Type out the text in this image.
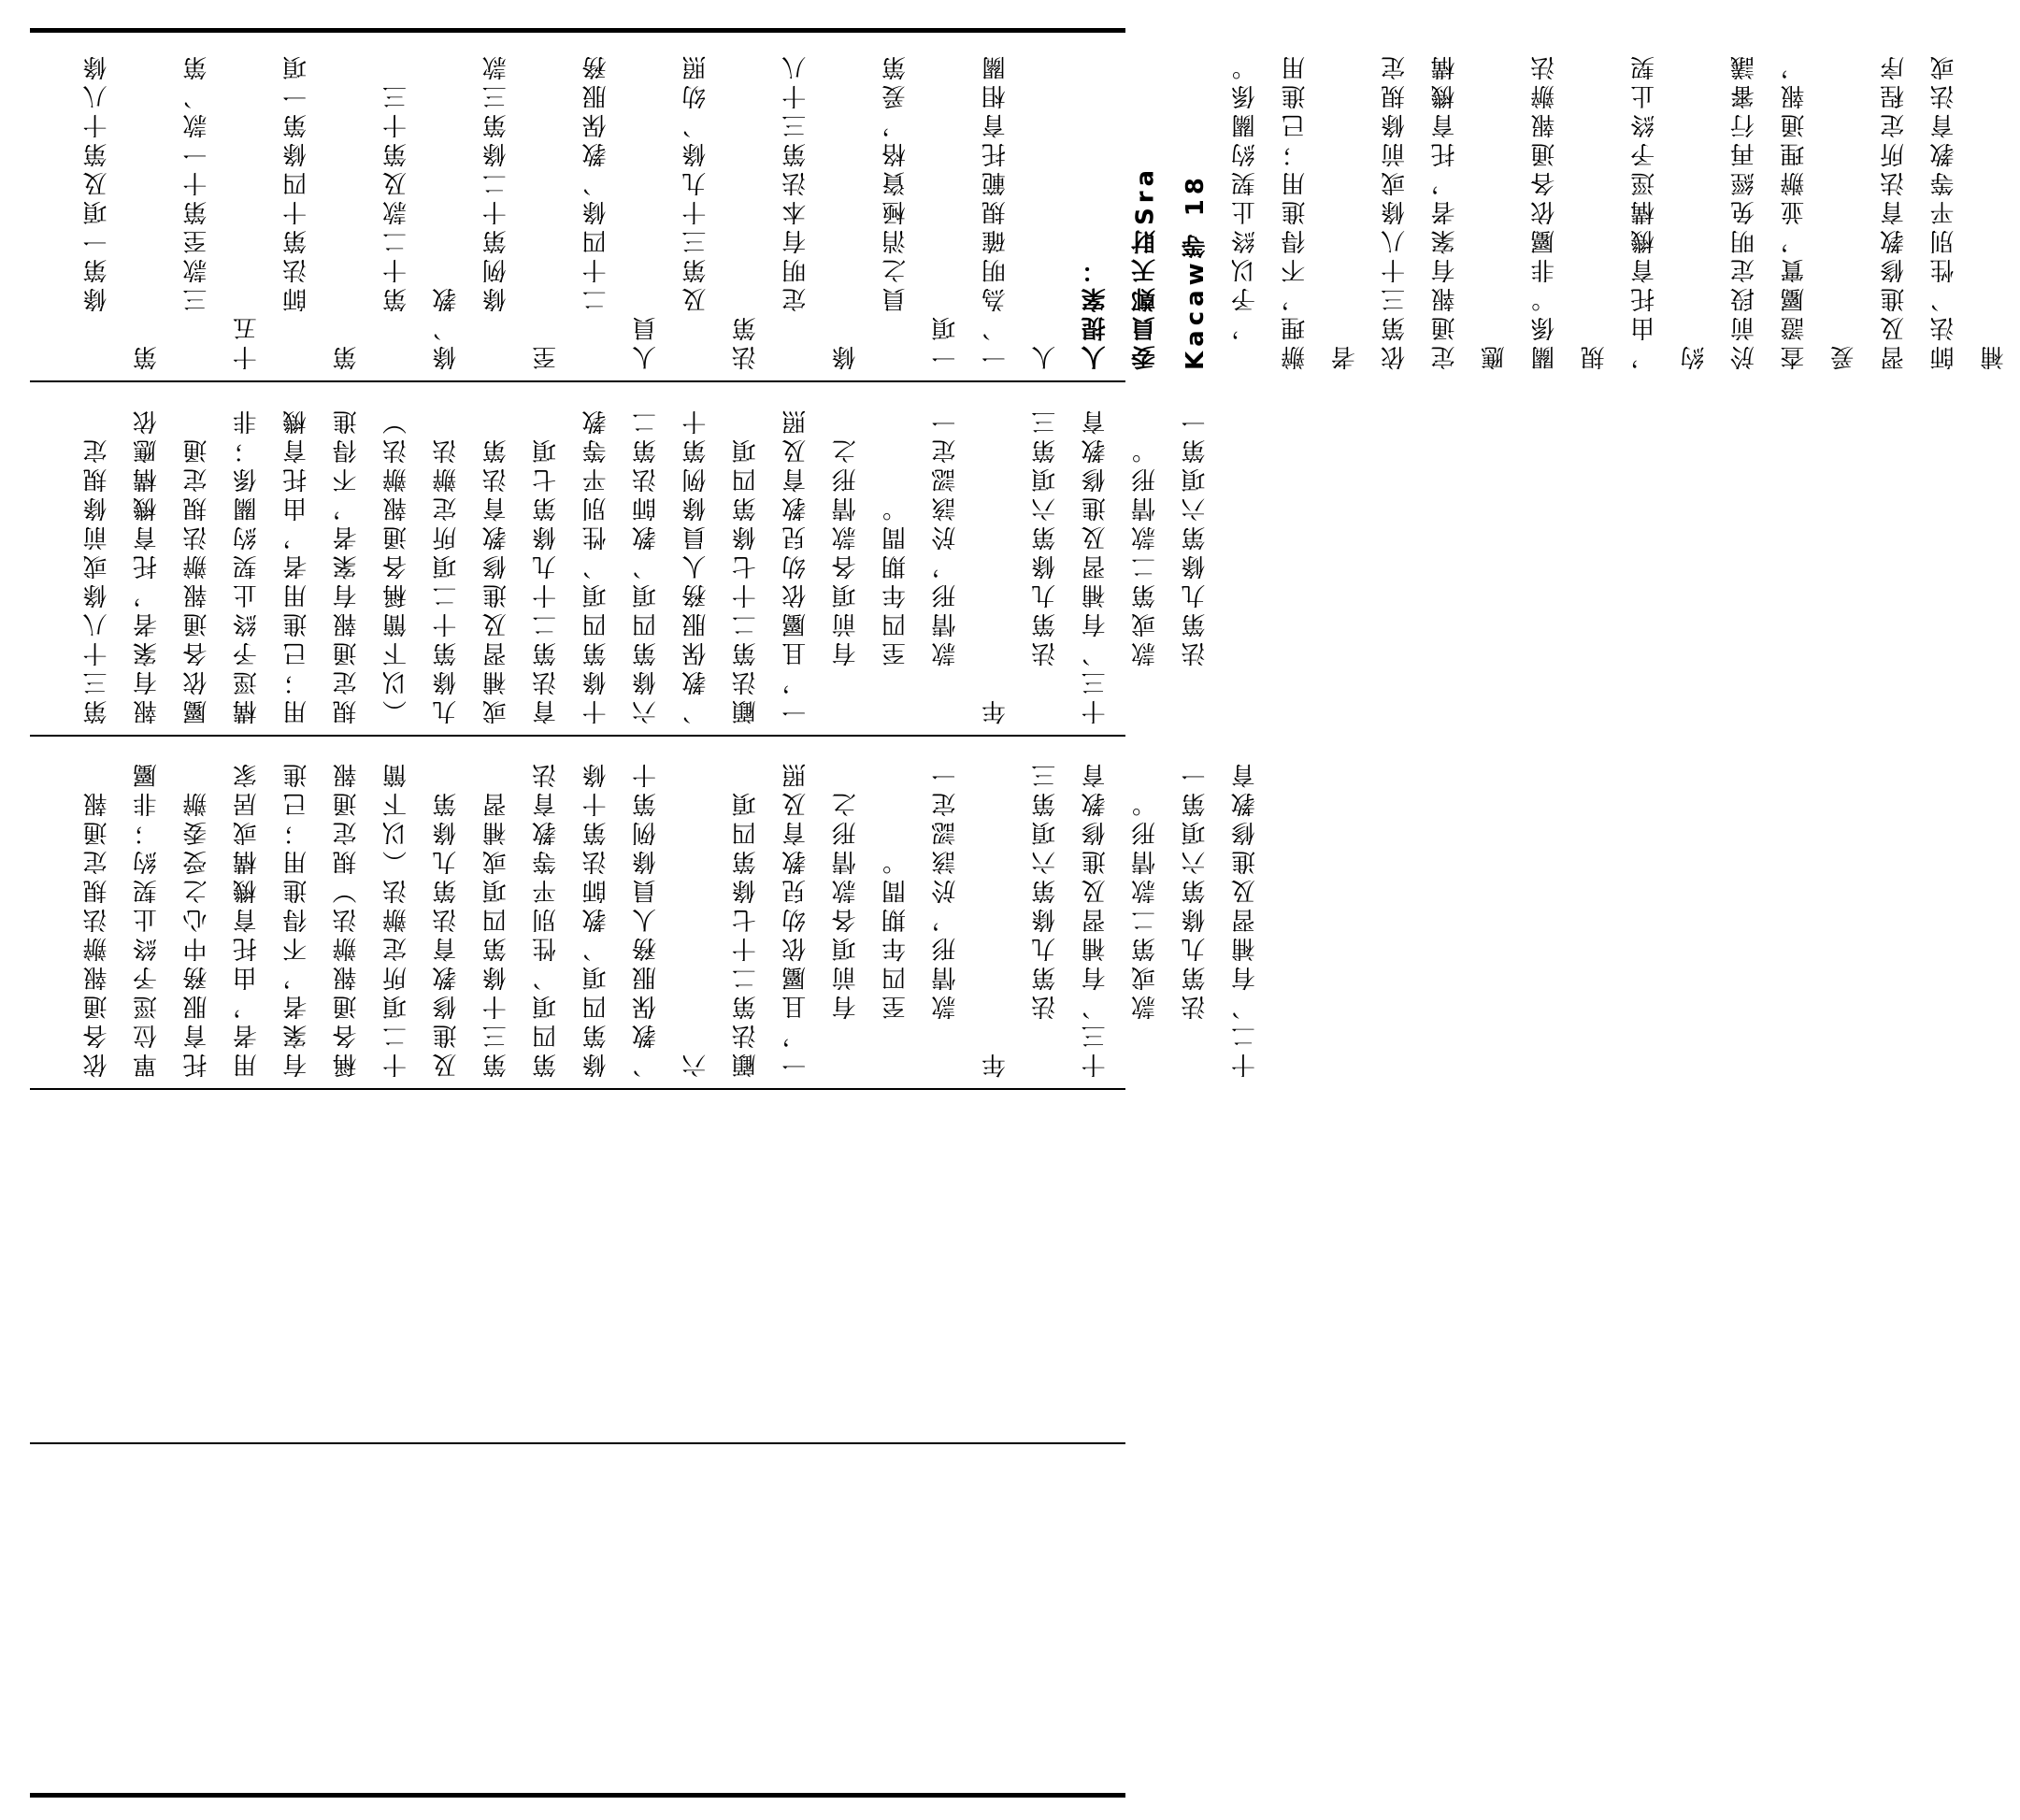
　　條第一項及第十八條第 　　三款至第十一款、第十五 　　師法第十四條第一項第 　　第十二款及第十三條、教 　　條例第十二條第三款至 　　二十四條、教保服務人員 　　及第三十九條、幼照法第 　　定明有本法第三十八條 　　員之消極資格，爰第一項 一、為明確規範托育相關人 人提案： 委員鄭天財Sra Kacaw等 18 　，予以終止契約關係。 辦理，不得進用；已進用者 依第三十八條或前條規定 定通報有案者，托育機構應 關係。非屬依各通報辦法規 ，由托育機構逕予終止契約 於前段定明免經再行審議 查證屬實，並辦理通報，爰 習及進修教育法所定程序 師法、性別平等教育法或補
第三十八條或前條規定 報有案者，托育機構應依 屬依各通報辦法規定通 構逕予終止契約關係；非 用；已進用者，由托育機 規定通報有案者，不得進 （以下簡稱各通報辦法） 九條第十二項所定辦法 或補習及進修教育法第 育法第二十九條第七項 十條第四項、性別平等教 六條第四項、教師法第二 、教保服務人員條例第十 顧法第二十七條第四項 一，且屬依幼兒教育及照 　　有前項各款情形之 　　至四年期間。 　　款情形，於該認定一年 　　法第九條第六項第三 十三、有補習及進修教育 　　款或第二款情形。 　　法第九條第六項第一
依各通報辦法規定通報 單位逕予終止契約；非屬 托育服務中心之受委辦 用者，由托育機構或居家 有案者，不得進用；已進 稱各通報辦法）規定通報 十二項所定辦法（以下簡 及進修教育法第九條第 第三十條第四項或補習 第四項、性別平等教育法 條第四項、教師法第十條 、教保服務人員條例第十六 顧法第二十七條第四項 一，且屬依幼兒教育及照 　　有前項各款情形之 　　至四年期間。 　　款情形，於該認定一年 　　法第九條第六項第三 十三、有補習及進修教育 　　款或第二款情形。 　　法第九條第六項第一 十二、有補習及進修教育
